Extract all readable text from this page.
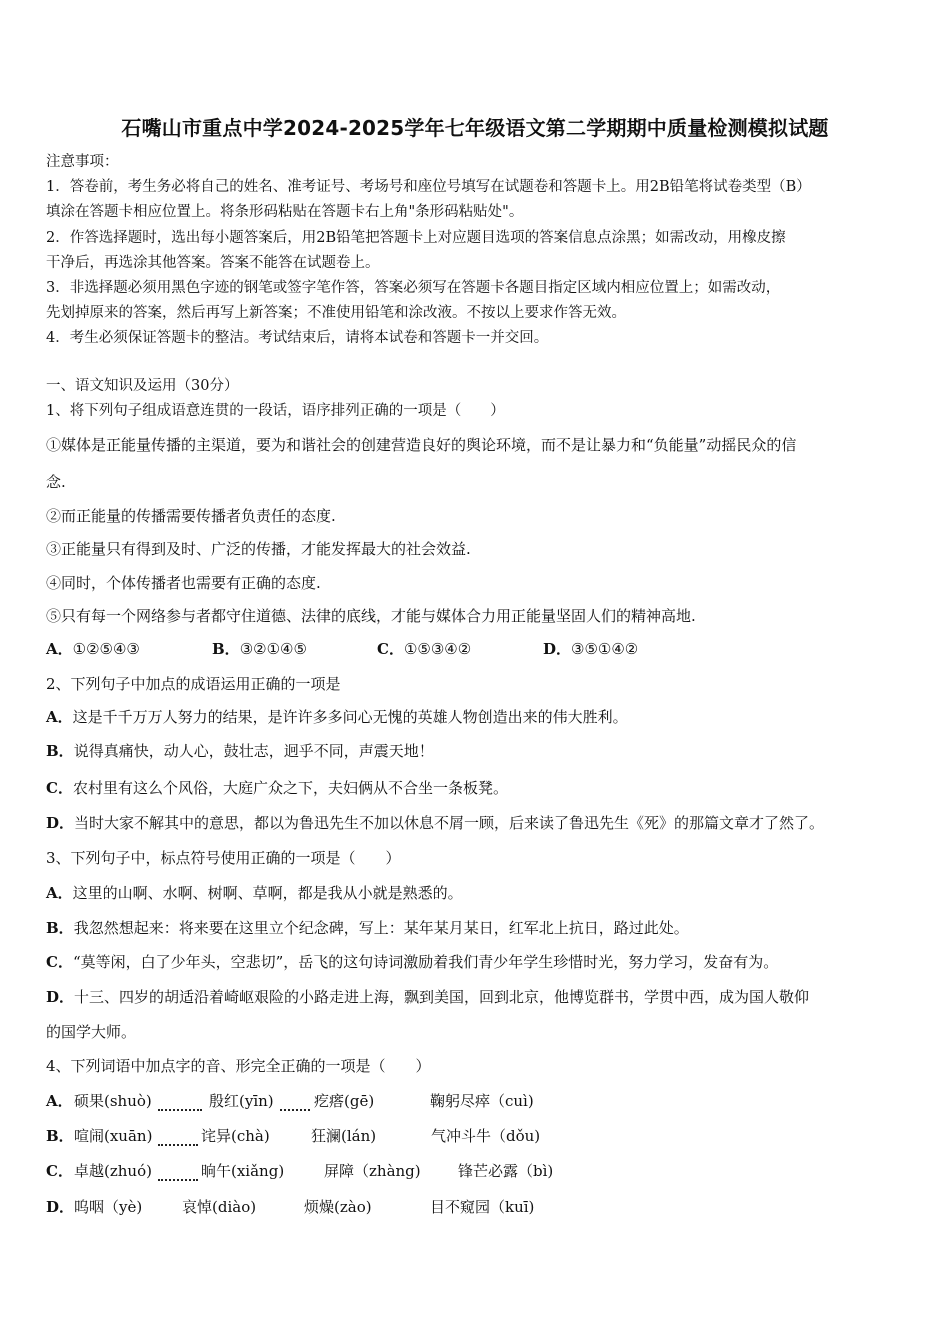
石嘴山市重点中学2024-2025学年七年级语文第二学期期中质量检测模拟试题
注意事项：
1．答卷前，考生务必将自己的姓名、准考证号、考场号和座位号填写在试题卷和答题卡上。用2B铅笔将试卷类型（B）
填涂在答题卡相应位置上。将条形码粘贴在答题卡右上角"条形码粘贴处"。
2．作答选择题时，选出每小题答案后，用2B铅笔把答题卡上对应题目选项的答案信息点涂黑；如需改动，用橡皮擦
干净后，再选涂其他答案。答案不能答在试题卷上。
3．非选择题必须用黑色字迹的钢笔或签字笔作答，答案必须写在答题卡各题目指定区域内相应位置上；如需改动，
先划掉原来的答案，然后再写上新答案；不准使用铅笔和涂改液。不按以上要求作答无效。
4．考生必须保证答题卡的整洁。考试结束后，请将本试卷和答题卡一并交回。
一、语文知识及运用（30分）
1、将下列句子组成语意连贯的一段话，语序排列正确的一项是（　　）
①媒体是正能量传播的主渠道，要为和谐社会的创建营造良好的舆论环境，而不是让暴力和“负能量”动摇民众的信
念.
②而正能量的传播需要传播者负责任的态度.
③正能量只有得到及时、广泛的传播，才能发挥最大的社会效益.
④同时，个体传播者也需要有正确的态度.
⑤只有每一个网络参与者都守住道德、法律的底线，才能与媒体合力用正能量坚固人们的精神高地.
A．①②⑤④③	B．③②①④⑤	C．①⑤③④②	D．③⑤①④②
2、下列句子中加点的成语运用正确的一项是
A．这是千千万万人努力的结果，是许许多多问心无愧的英雄人物创造出来的伟大胜利。
B．说得真痛快，动人心，鼓壮志，迥乎不同，声震天地！
C．农村里有这么个风俗，大庭广众之下，夫妇俩从不合坐一条板凳。
D．当时大家不解其中的意思，都以为鲁迅先生不加以休息不屑一顾，后来读了鲁迅先生《死》的那篇文章才了然了。
3、下列句子中，标点符号使用正确的一项是（　　）
A．这里的山啊、水啊、树啊、草啊，都是我从小就是熟悉的。
B．我忽然想起来：将来要在这里立个纪念碑，写上：某年某月某日，红军北上抗日，路过此处。
C．“莫等闲，白了少年头，空悲切”，岳飞的这句诗词激励着我们青少年学生珍惜时光，努力学习，发奋有为。
D．十三、四岁的胡适沿着崎岖艰险的小路走进上海，飘到美国，回到北京，他博览群书，学贯中西，成为国人敬仰
的国学大师。
4、下列词语中加点字的音、形完全正确的一项是（　　）
A． 硕果(shuò)	殷红(yīn)	疙瘩(gē)	鞠躬尽瘁（cuì)
B． 喧闹(xuān)	诧异(chà)	狂澜(lán)	气冲斗牛（dǒu)
C． 卓越(zhuó)	晌午(xiǎng)	屏障（zhàng) 锋芒必露（bì)
D． 呜咽（yè)	哀悼(diào)	烦燥(zào)	目不窥园（kuī)
